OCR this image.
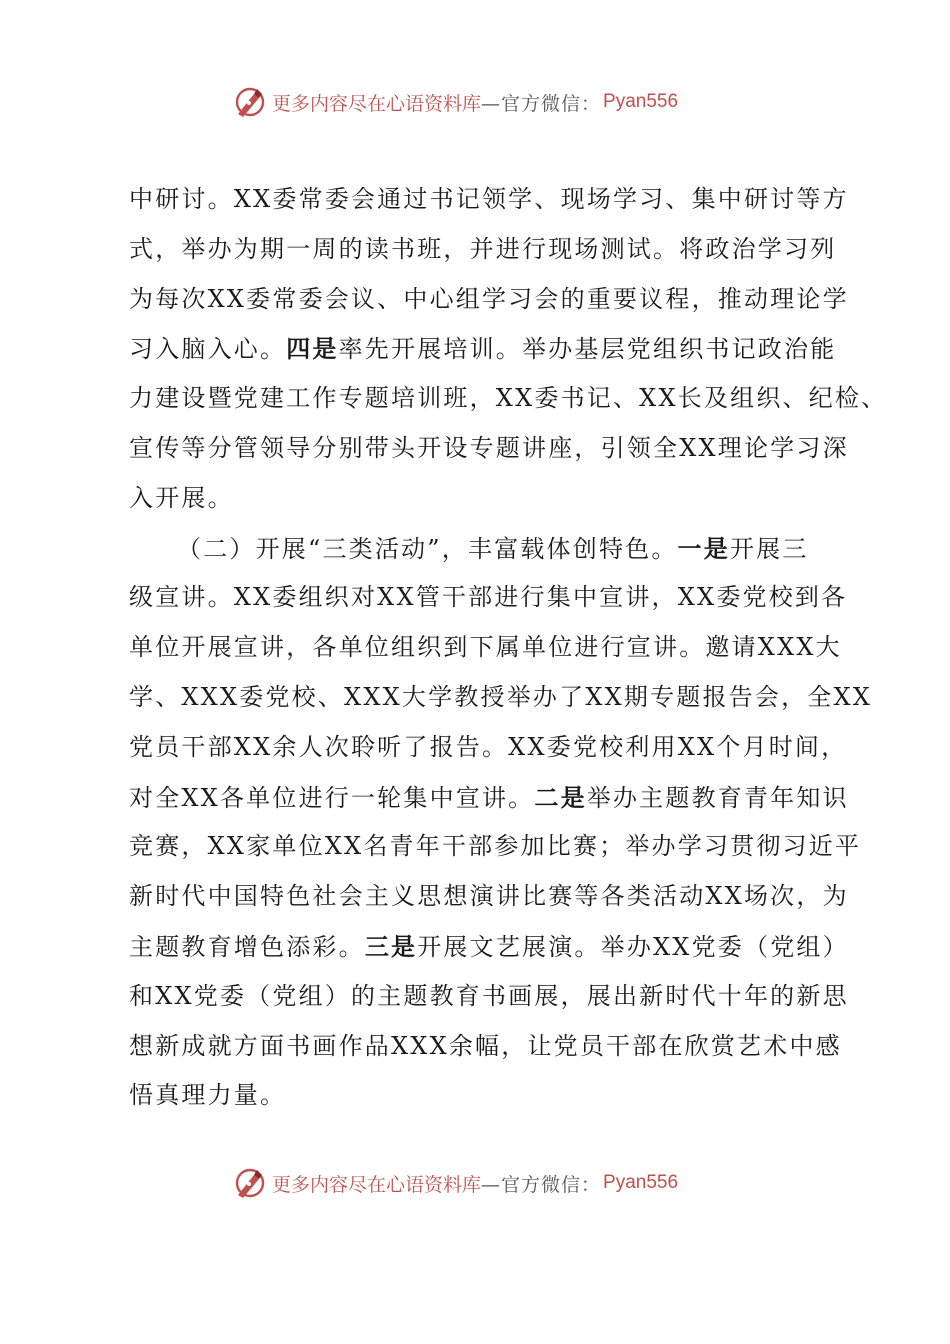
更多内容尽在心语资料库 —官方微信： Pyan556
中研讨。XX委常委会通过书记领学、现场学习、集中研讨等方
式，举办为期一周的读书班，并进行现场测试。将政治学习列
为每次XX委常委会议、中心组学习会的重要议程，推动理论学
习入脑入心。四是率先开展培训。举办基层党组织书记政治能
力建设暨党建工作专题培训班，XX委书记、XX长及组织、纪检、
宣传等分管领导分别带头开设专题讲座，引领全XX理论学习深
入开展。
（二）开展“三类活动”，丰富载体创特色。一是开展三
级宣讲。XX委组织对XX管干部进行集中宣讲，XX委党校到各
单位开展宣讲，各单位组织到下属单位进行宣讲。邀请XXX大
学、XXX委党校、XXX大学教授举办了XX期专题报告会，全XX
党员干部XX余人次聆听了报告。XX委党校利用XX个月时间，
对全XX各单位进行一轮集中宣讲。二是举办主题教育青年知识
竞赛，XX家单位XX名青年干部参加比赛；举办学习贯彻习近平
新时代中国特色社会主义思想演讲比赛等各类活动XX场次，为
主题教育增色添彩。三是开展文艺展演。举办XX党委（党组）
和XX党委（党组）的主题教育书画展，展出新时代十年的新思
想新成就方面书画作品XXX余幅，让党员干部在欣赏艺术中感
悟真理力量。
更多内容尽在心语资料库 —官方微信： Pyan556
